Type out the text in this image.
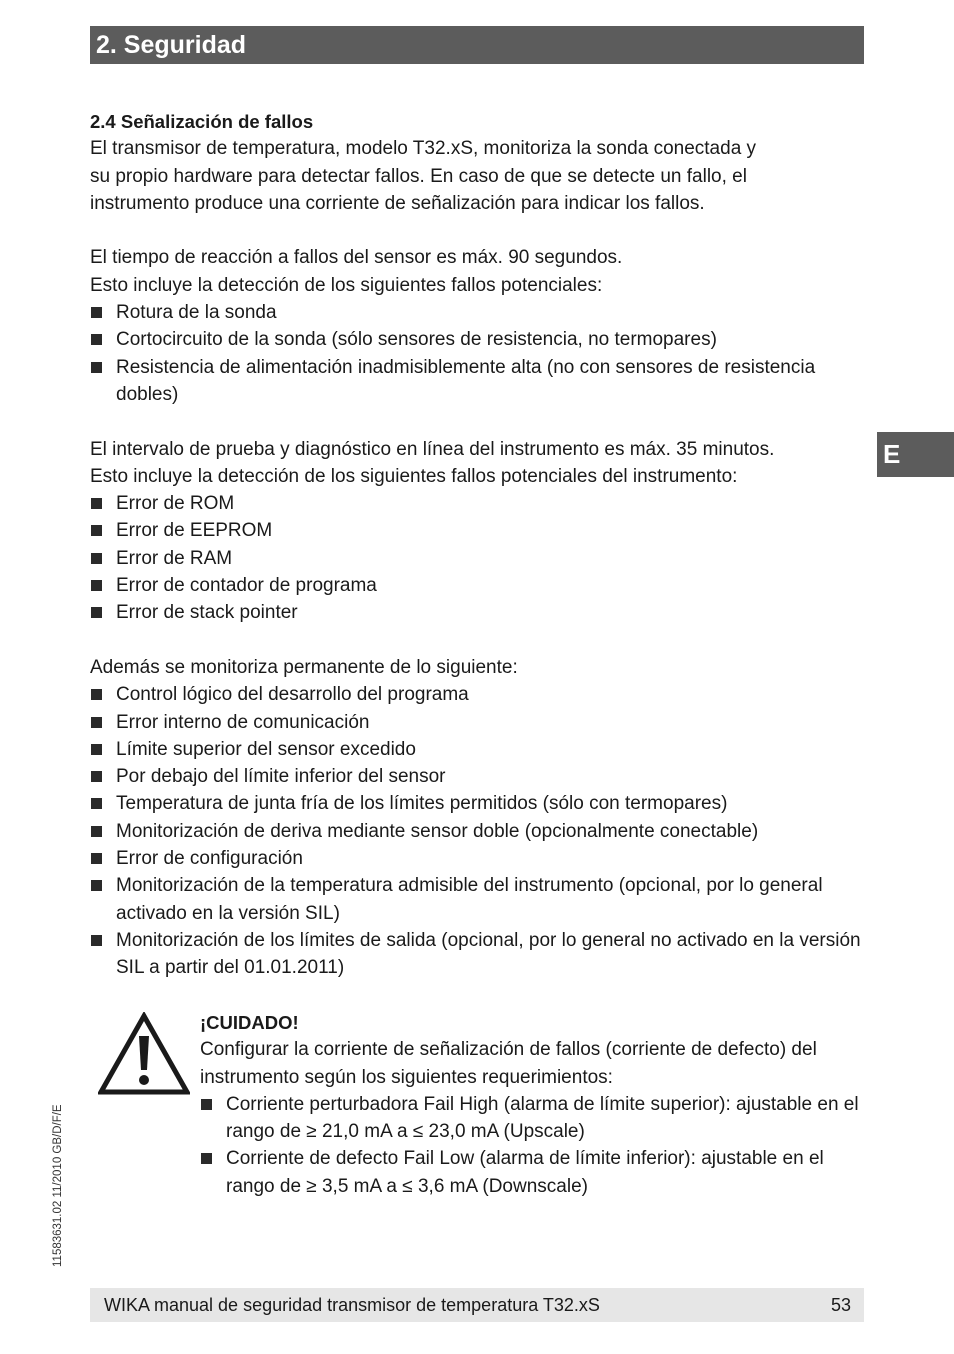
2. Seguridad
E

2.4 Señalización de fallos

El transmisor de temperatura, modelo T32.xS, monitoriza la sonda conectada y

su propio hardware para detectar fallos. En caso de que se detecte un fallo, el

instrumento produce una corriente de señalización para indicar los fallos.

El tiempo de reacción a fallos del sensor es máx. 90 segundos.

Esto incluye la detección de los siguientes fallos potenciales:

Rotura de la sonda
Cortocircuito de la sonda (sólo sensores de resistencia, no termopares)
Resistencia de alimentación inadmisiblemente alta (no con sensores de resistencia dobles)

El intervalo de prueba y diagnóstico en línea del instrumento es máx. 35 minutos.

Esto incluye la detección de los siguientes fallos potenciales del instrumento:

Error de ROM
Error de EEPROM
Error de RAM
Error de contador de programa
Error de stack pointer

Además se monitoriza permanente de lo siguiente:

Control lógico del desarrollo del programa
Error interno de comunicación
Límite superior del sensor excedido
Por debajo del límite inferior del sensor
Temperatura de junta fría de los límites permitidos (sólo con termopares)
Monitorización de deriva mediante sensor doble (opcionalmente conectable)
Error de configuración
Monitorización de la temperatura admisible del instrumento (opcional, por lo general activado en la versión SIL)
Monitorización de los límites de salida (opcional, por lo general no activado en la versión SIL a partir del 01.01.2011)

¡CUIDADO!

Configurar la corriente de señalización de fallos (corriente de defecto) del instrumento según los siguientes requerimientos:

Corriente perturbadora Fail High (alarma de límite superior): ajustable en el rango de ≥ 21,0 mA a ≤ 23,0 mA (Upscale)
Corriente de defecto Fail Low (alarma de límite inferior): ajustable en el rango de ≥ 3,5 mA a ≤ 3,6 mA (Downscale)
11583631.02 11/2010 GB/D/F/E
WIKA manual de seguridad transmisor de temperatura T32.xS	53
